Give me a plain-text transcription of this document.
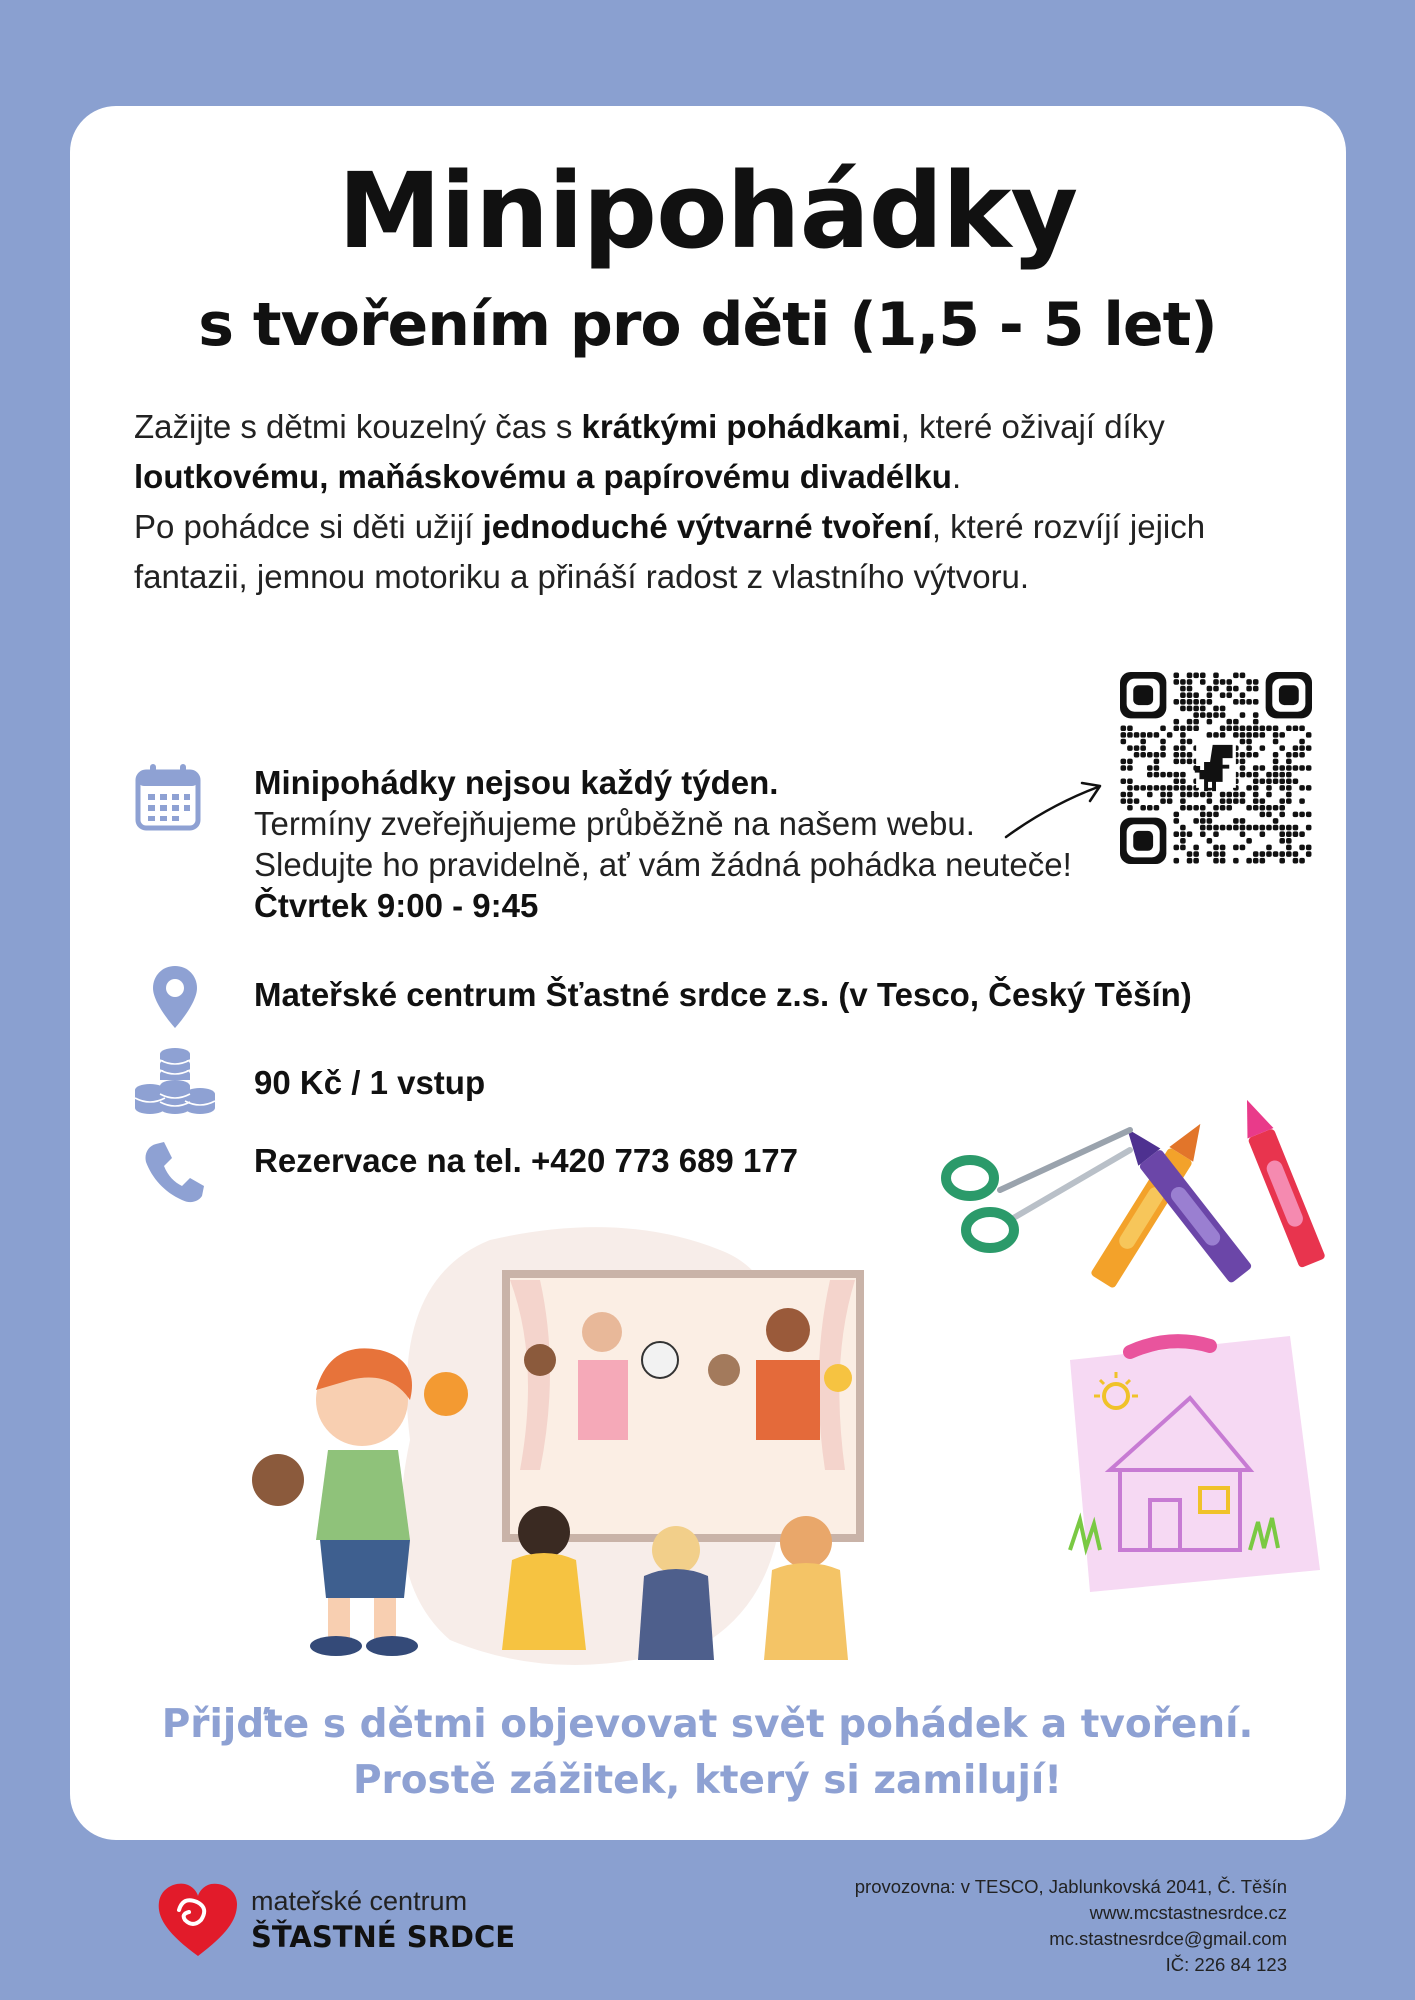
Minipohádky
s tvořením pro děti (1,5 - 5 let)
Zažijte s dětmi kouzelný čas s krátkými pohádkami, které oživají díky loutkovému, maňáskovému a papírovému divadélku.
Po pohádce si děti užijí jednoduché výtvarné tvoření, které rozvíjí jejich fantazii, jemnou motoriku a přináší radost z vlastního výtvoru.
Minipohádky nejsou každý týden.
Termíny zveřejňujeme průběžně na našem webu.
Sledujte ho pravidelně, ať vám žádná pohádka neuteče!
Čtvrtek 9:00 - 9:45
Mateřské centrum Šťastné srdce z.s. (v Tesco, Český Těšín)
90 Kč / 1 vstup
Rezervace na tel. +420 773 689 177
Přijďte s dětmi objevovat svět pohádek a tvoření.
Prostě zážitek, který si zamilují!
mateřské centrum
ŠŤASTNÉ SRDCE
provozovna: v TESCO, Jablunkovská 2041, Č. Těšín
www.mcstastnesrdce.cz
mc.stastnesrdce@gmail.com
IČ: 226 84 123
